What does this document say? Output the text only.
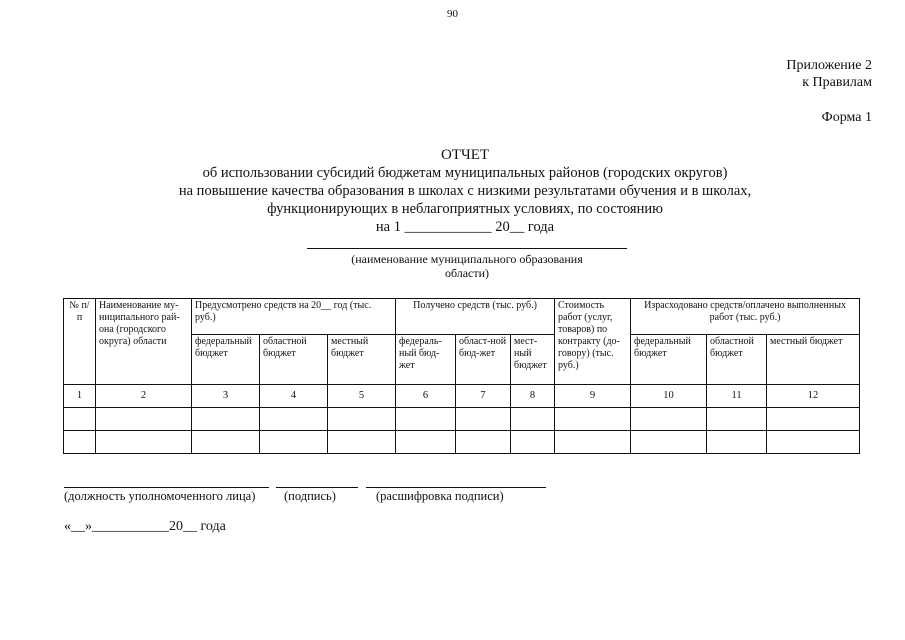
90
Приложение 2
к Правилам
Форма 1
ОТЧЕТ
об использовании субсидий бюджетам муниципальных районов (городских округов)
на повышение качества образования в школах с низкими результатами обучения и в школах,
функционирующих в неблагоприятных условиях, по состоянию
на 1 ____________ 20__ года
(наименование муниципального образования
области)
№ п/п	Наименование му-ниципального рай-она (городского округа) области	Предусмотрено средств на 20__ год (тыс. руб.)			Получено средств (тыс. руб.)			Стоимость работ (услуг, товаров) по контракту (до-говору) (тыс. руб.)	Израсходовано средств/оплачено выполненных работ (тыс. руб.)		
		федеральный бюджет	областной бюджет	местный бюджет	федераль-ный бюд-жет	област-ной бюд-жет	мест-ный бюджет		федеральный бюджет	областной бюджет	местный бюджет
1	2	3	4	5	6	7	8	9	10	11	12

(должность уполномоченного лица) (подпись)	(расшифровка подписи)
«__»___________20__ года
